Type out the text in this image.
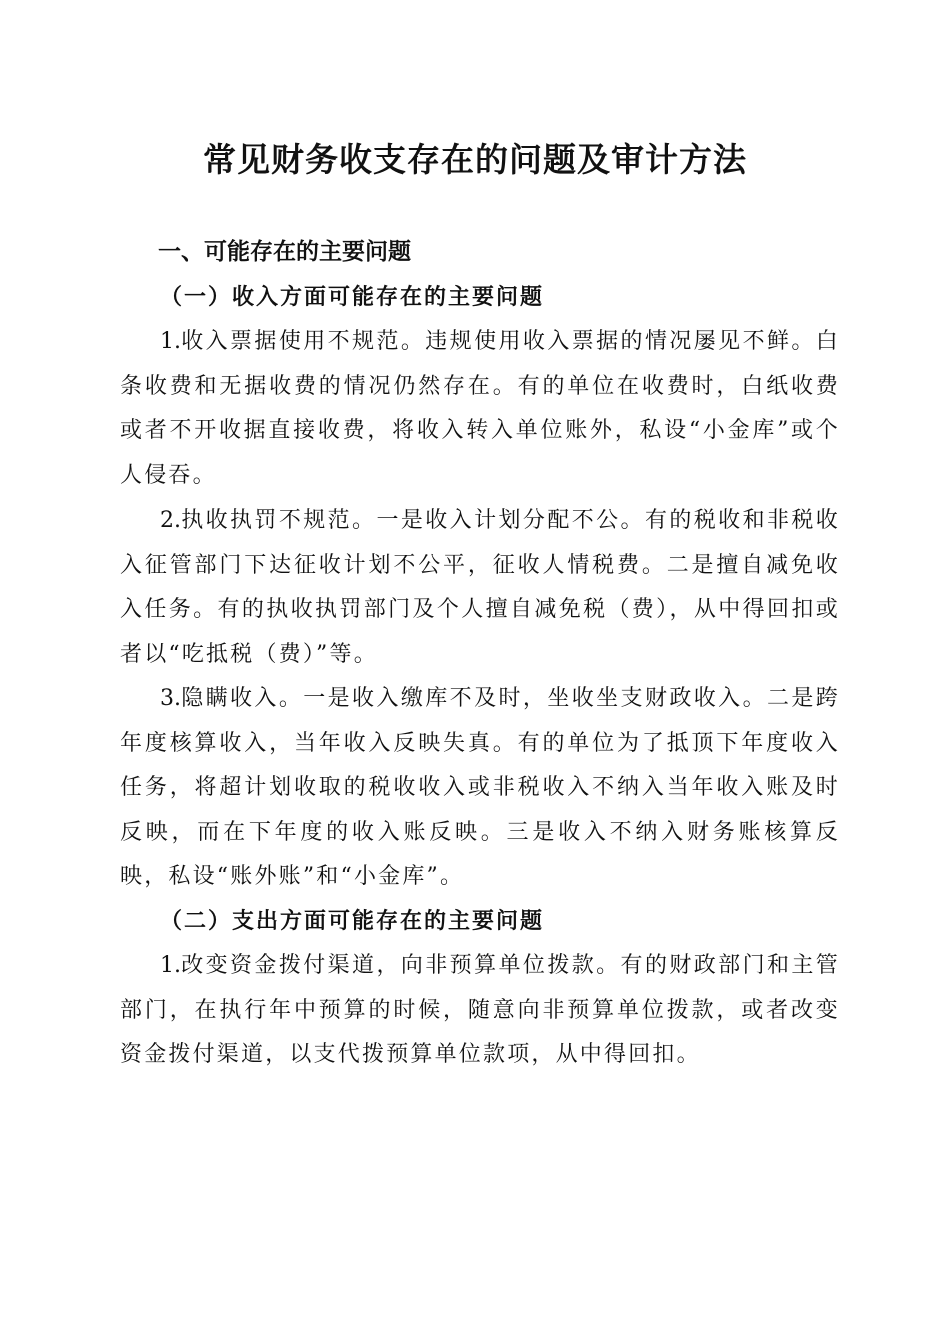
常见财务收支存在的问题及审计方法
一、可能存在的主要问题
（一）收入方面可能存在的主要问题

1.收入票据使用不规范。违规使用收入票据的情况屡见不鲜。白条收费和无据收费的情况仍然存在。有的单位在收费时，白纸收费或者不开收据直接收费，将收入转入单位账外，私设“小金库”或个人侵吞。

2.执收执罚不规范。一是收入计划分配不公。有的税收和非税收入征管部门下达征收计划不公平，征收人情税费。二是擅自减免收入任务。有的执收执罚部门及个人擅自减免税（费），从中得回扣或者以“吃抵税（费）”等。

3.隐瞒收入。一是收入缴库不及时，坐收坐支财政收入。二是跨年度核算收入，当年收入反映失真。有的单位为了抵顶下年度收入任务，将超计划收取的税收收入或非税收入不纳入当年收入账及时反映，而在下年度的收入账反映。三是收入不纳入财务账核算反映，私设“账外账”和“小金库”。

（二）支出方面可能存在的主要问题

1.改变资金拨付渠道，向非预算单位拨款。有的财政部门和主管部门，在执行年中预算的时候，随意向非预算单位拨款，或者改变资金拨付渠道，以支代拨预算单位款项，从中得回扣。
